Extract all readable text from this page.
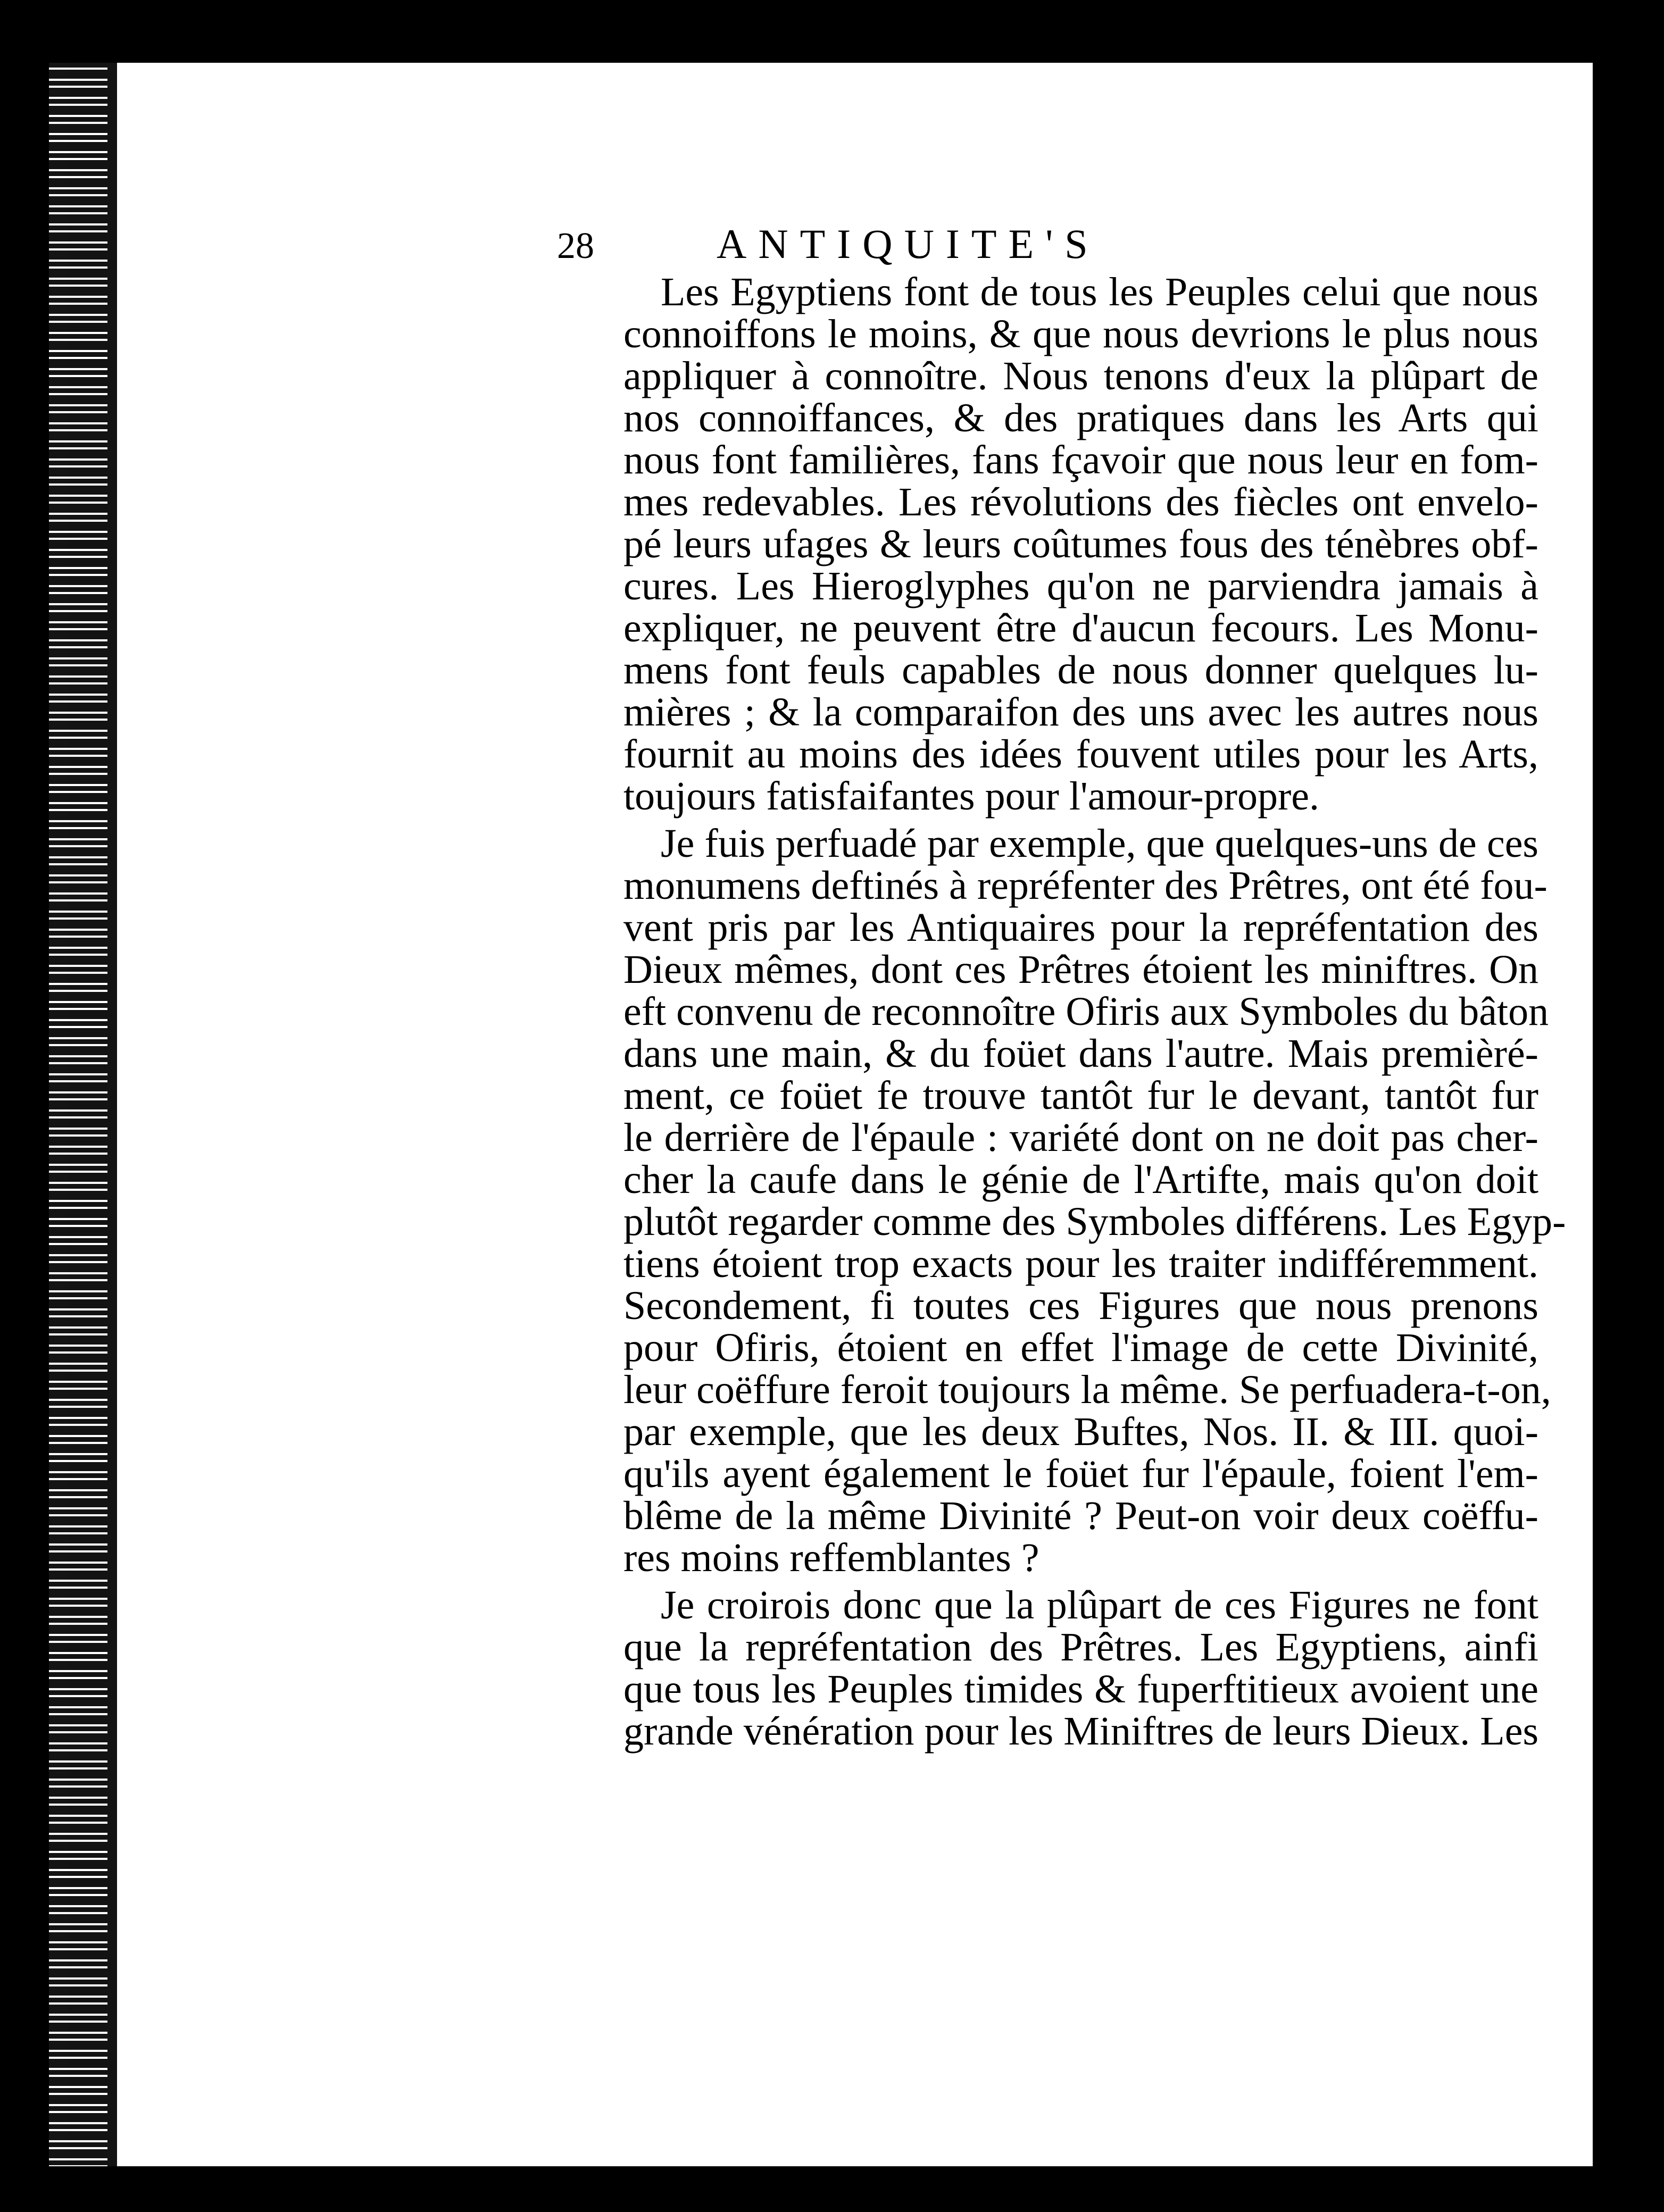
28	ANTIQUITE'S
Les Egyptiens font de tous les Peuples celui que nous
connoiffons le moins, & que nous devrions le plus nous
appliquer à connoître. Nous tenons d'eux la plûpart de
nos connoiffances, & des pratiques dans les Arts qui
nous font familières, fans fçavoir que nous leur en fom-
mes redevables. Les révolutions des fiècles ont envelo-
pé leurs ufages & leurs coûtumes fous des ténèbres obf-
cures. Les Hieroglyphes qu'on ne parviendra jamais à
expliquer, ne peuvent être d'aucun fecours. Les Monu-
mens font feuls capables de nous donner quelques lu-
mières ; & la comparaifon des uns avec les autres nous
fournit au moins des idées fouvent utiles pour les Arts,
toujours fatisfaifantes pour l'amour-propre.
Je fuis perfuadé par exemple, que quelques-uns de ces
monumens deftinés à repréfenter des Prêtres, ont été fou-
vent pris par les Antiquaires pour la repréfentation des
Dieux mêmes, dont ces Prêtres étoient les miniftres. On
eft convenu de reconnoître Ofiris aux Symboles du bâton
dans une main, & du foüet dans l'autre. Mais premièré-
ment, ce foüet fe trouve tantôt fur le devant, tantôt fur
le derrière de l'épaule : variété dont on ne doit pas cher-
cher la caufe dans le génie de l'Artifte, mais qu'on doit
plutôt regarder comme des Symboles différens. Les Egyp-
tiens étoient trop exacts pour les traiter indifféremment.
Secondement, fi toutes ces Figures que nous prenons
pour Ofiris, étoient en effet l'image de cette Divinité,
leur coëffure feroit toujours la même. Se perfuadera-t-on,
par exemple, que les deux Buftes, Nos. II. & III. quoi-
qu'ils ayent également le foüet fur l'épaule, foient l'em-
blême de la même Divinité ? Peut-on voir deux coëffu-
res moins reffemblantes ?
Je croirois donc que la plûpart de ces Figures ne font
que la repréfentation des Prêtres. Les Egyptiens, ainfi
que tous les Peuples timides & fuperftitieux avoient une
grande vénération pour les Miniftres de leurs Dieux. Les
